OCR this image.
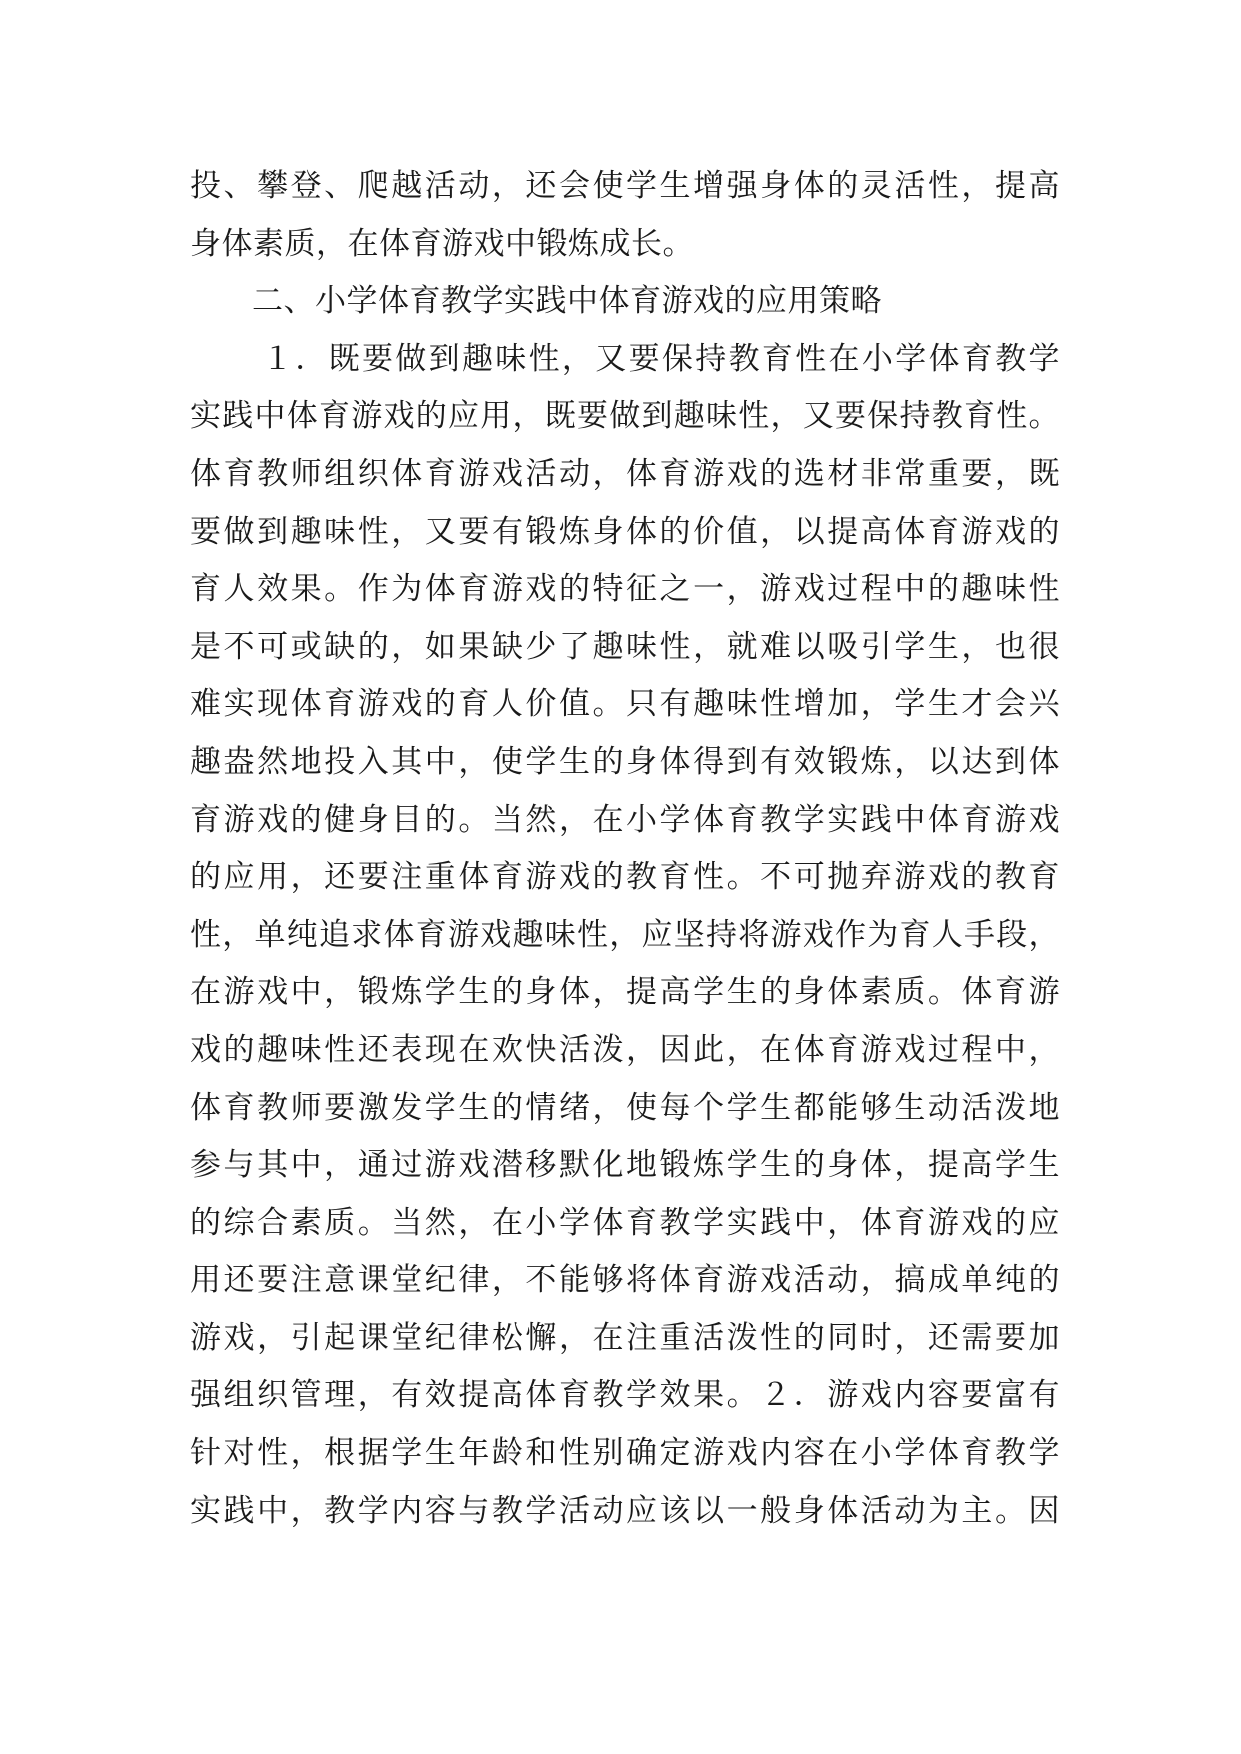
投、攀登、爬越活动，还会使学生增强身体的灵活性，提高
身体素质，在体育游戏中锻炼成长。
二、小学体育教学实践中体育游戏的应用策略
１．既要做到趣味性，又要保持教育性在小学体育教学
实践中体育游戏的应用，既要做到趣味性，又要保持教育性。
体育教师组织体育游戏活动，体育游戏的选材非常重要，既
要做到趣味性，又要有锻炼身体的价值，以提高体育游戏的
育人效果。作为体育游戏的特征之一，游戏过程中的趣味性
是不可或缺的，如果缺少了趣味性，就难以吸引学生，也很
难实现体育游戏的育人价值。只有趣味性增加，学生才会兴
趣盎然地投入其中，使学生的身体得到有效锻炼，以达到体
育游戏的健身目的。当然，在小学体育教学实践中体育游戏
的应用，还要注重体育游戏的教育性。不可抛弃游戏的教育
性，单纯追求体育游戏趣味性，应坚持将游戏作为育人手段，
在游戏中，锻炼学生的身体，提高学生的身体素质。体育游
戏的趣味性还表现在欢快活泼，因此，在体育游戏过程中，
体育教师要激发学生的情绪，使每个学生都能够生动活泼地
参与其中，通过游戏潜移默化地锻炼学生的身体，提高学生
的综合素质。当然，在小学体育教学实践中，体育游戏的应
用还要注意课堂纪律，不能够将体育游戏活动，搞成单纯的
游戏，引起课堂纪律松懈，在注重活泼性的同时，还需要加
强组织管理，有效提高体育教学效果。２．游戏内容要富有
针对性，根据学生年龄和性别确定游戏内容在小学体育教学
实践中，教学内容与教学活动应该以一般身体活动为主。因
